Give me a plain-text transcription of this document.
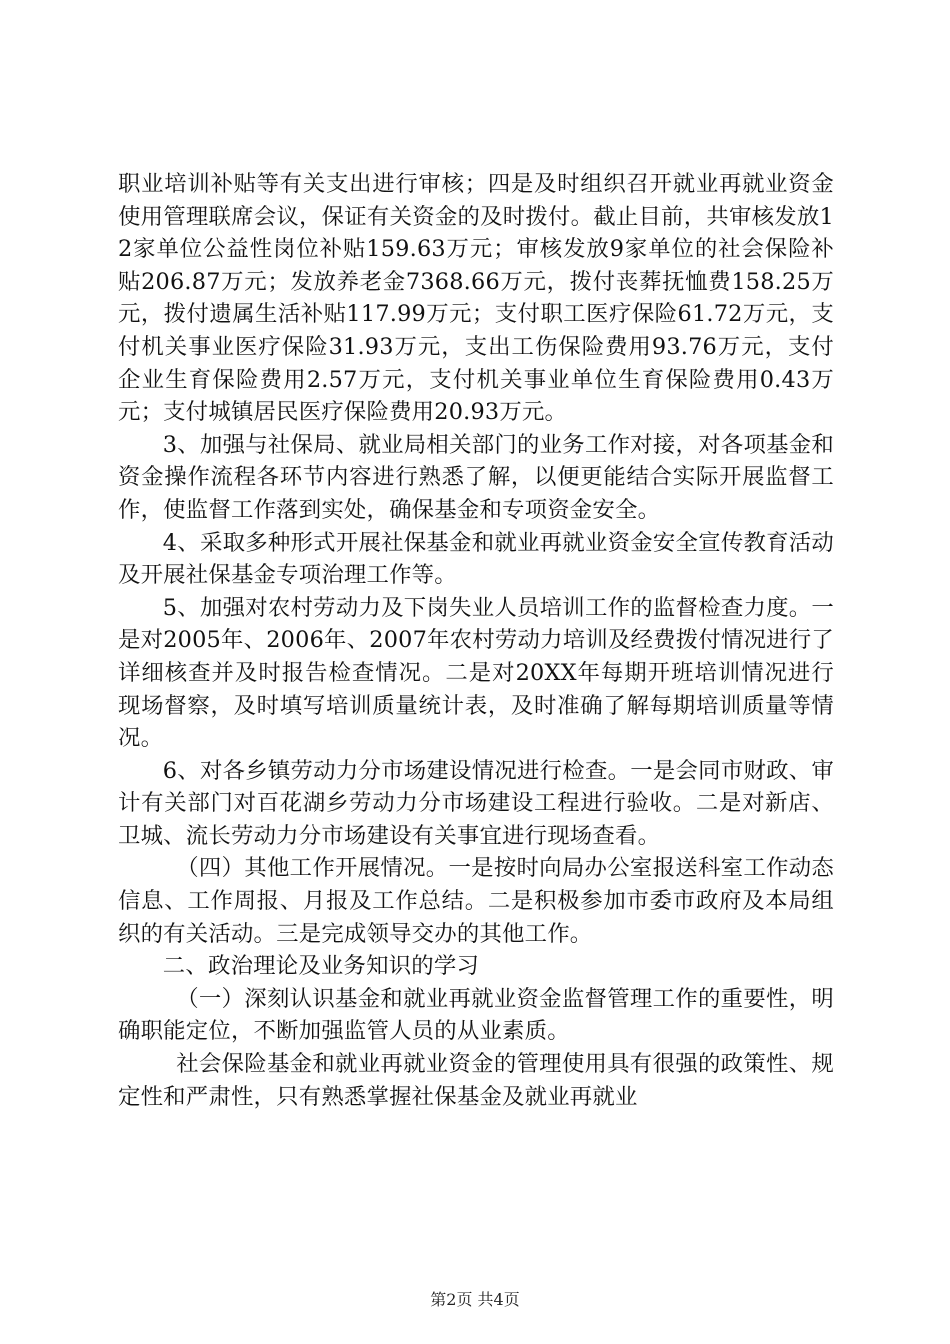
职业培训补贴等有关支出进行审核；四是及时组织召开就业再就业资金使用管理联席会议，保证有关资金的及时拨付。截止目前，共审核发放12家单位公益性岗位补贴159.63万元；审核发放9家单位的社会保险补贴206.87万元；发放养老金7368.66万元，拨付丧葬抚恤费158.25万元，拨付遗属生活补贴117.99万元；支付职工医疗保险61.72万元，支付机关事业医疗保险31.93万元，支出工伤保险费用93.76万元，支付企业生育保险费用2.57万元，支付机关事业单位生育保险费用0.43万元；支付城镇居民医疗保险费用20.93万元。

3、加强与社保局、就业局相关部门的业务工作对接，对各项基金和资金操作流程各环节内容进行熟悉了解，以便更能结合实际开展监督工作，使监督工作落到实处，确保基金和专项资金安全。

4、采取多种形式开展社保基金和就业再就业资金安全宣传教育活动及开展社保基金专项治理工作等。

5、加强对农村劳动力及下岗失业人员培训工作的监督检查力度。一是对2005年、2006年、2007年农村劳动力培训及经费拨付情况进行了详细核查并及时报告检查情况。二是对20XX年每期开班培训情况进行现场督察，及时填写培训质量统计表，及时准确了解每期培训质量等情况。

6、对各乡镇劳动力分市场建设情况进行检查。一是会同市财政、审计有关部门对百花湖乡劳动力分市场建设工程进行验收。二是对新店、卫城、流长劳动力分市场建设有关事宜进行现场查看。

（四）其他工作开展情况。一是按时向局办公室报送科室工作动态信息、工作周报、月报及工作总结。二是积极参加市委市政府及本局组织的有关活动。三是完成领导交办的其他工作。

二、政治理论及业务知识的学习

（一）深刻认识基金和就业再就业资金监督管理工作的重要性，明确职能定位，不断加强监管人员的从业素质。

社会保险基金和就业再就业资金的管理使用具有很强的政策性、规定性和严肃性，只有熟悉掌握社保基金及就业再就业

第2页 共4页
